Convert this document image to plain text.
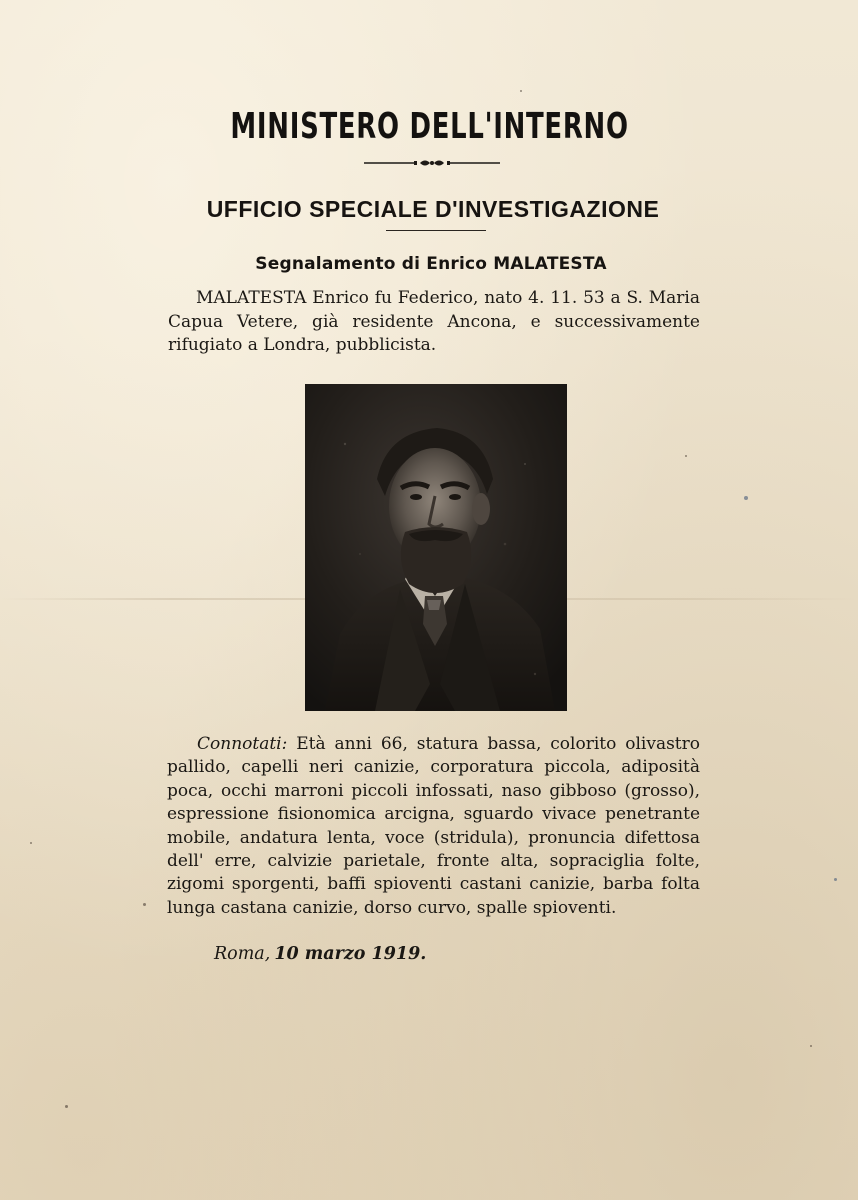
MINISTERO DELL'INTERNO
UFFICIO SPECIALE D'INVESTIGAZIONE
Segnalamento di Enrico MALATESTA
MALATESTA Enrico fu Federico, nato 4. 11. 53 a S. Maria Capua Vetere, già residente Ancona, e successivamente rifugiato a Londra, pubblicista.

Connotati: Età anni 66, statura bassa, colorito olivastro pallido, capelli neri canizie, corporatura piccola, adiposità poca, occhi marroni piccoli infossati, naso gibboso (grosso), espressione fisionomica arcigna, sguardo vivace penetrante mobile, andatura lenta, voce (stridula), pronuncia difettosa dell' erre, calvizie parietale, fronte alta, sopraciglia folte, zigomi sporgenti, baffi spioventi castani canizie, barba folta lunga castana canizie, dorso curvo, spalle spioventi.

Roma, 10 marzo 1919.
